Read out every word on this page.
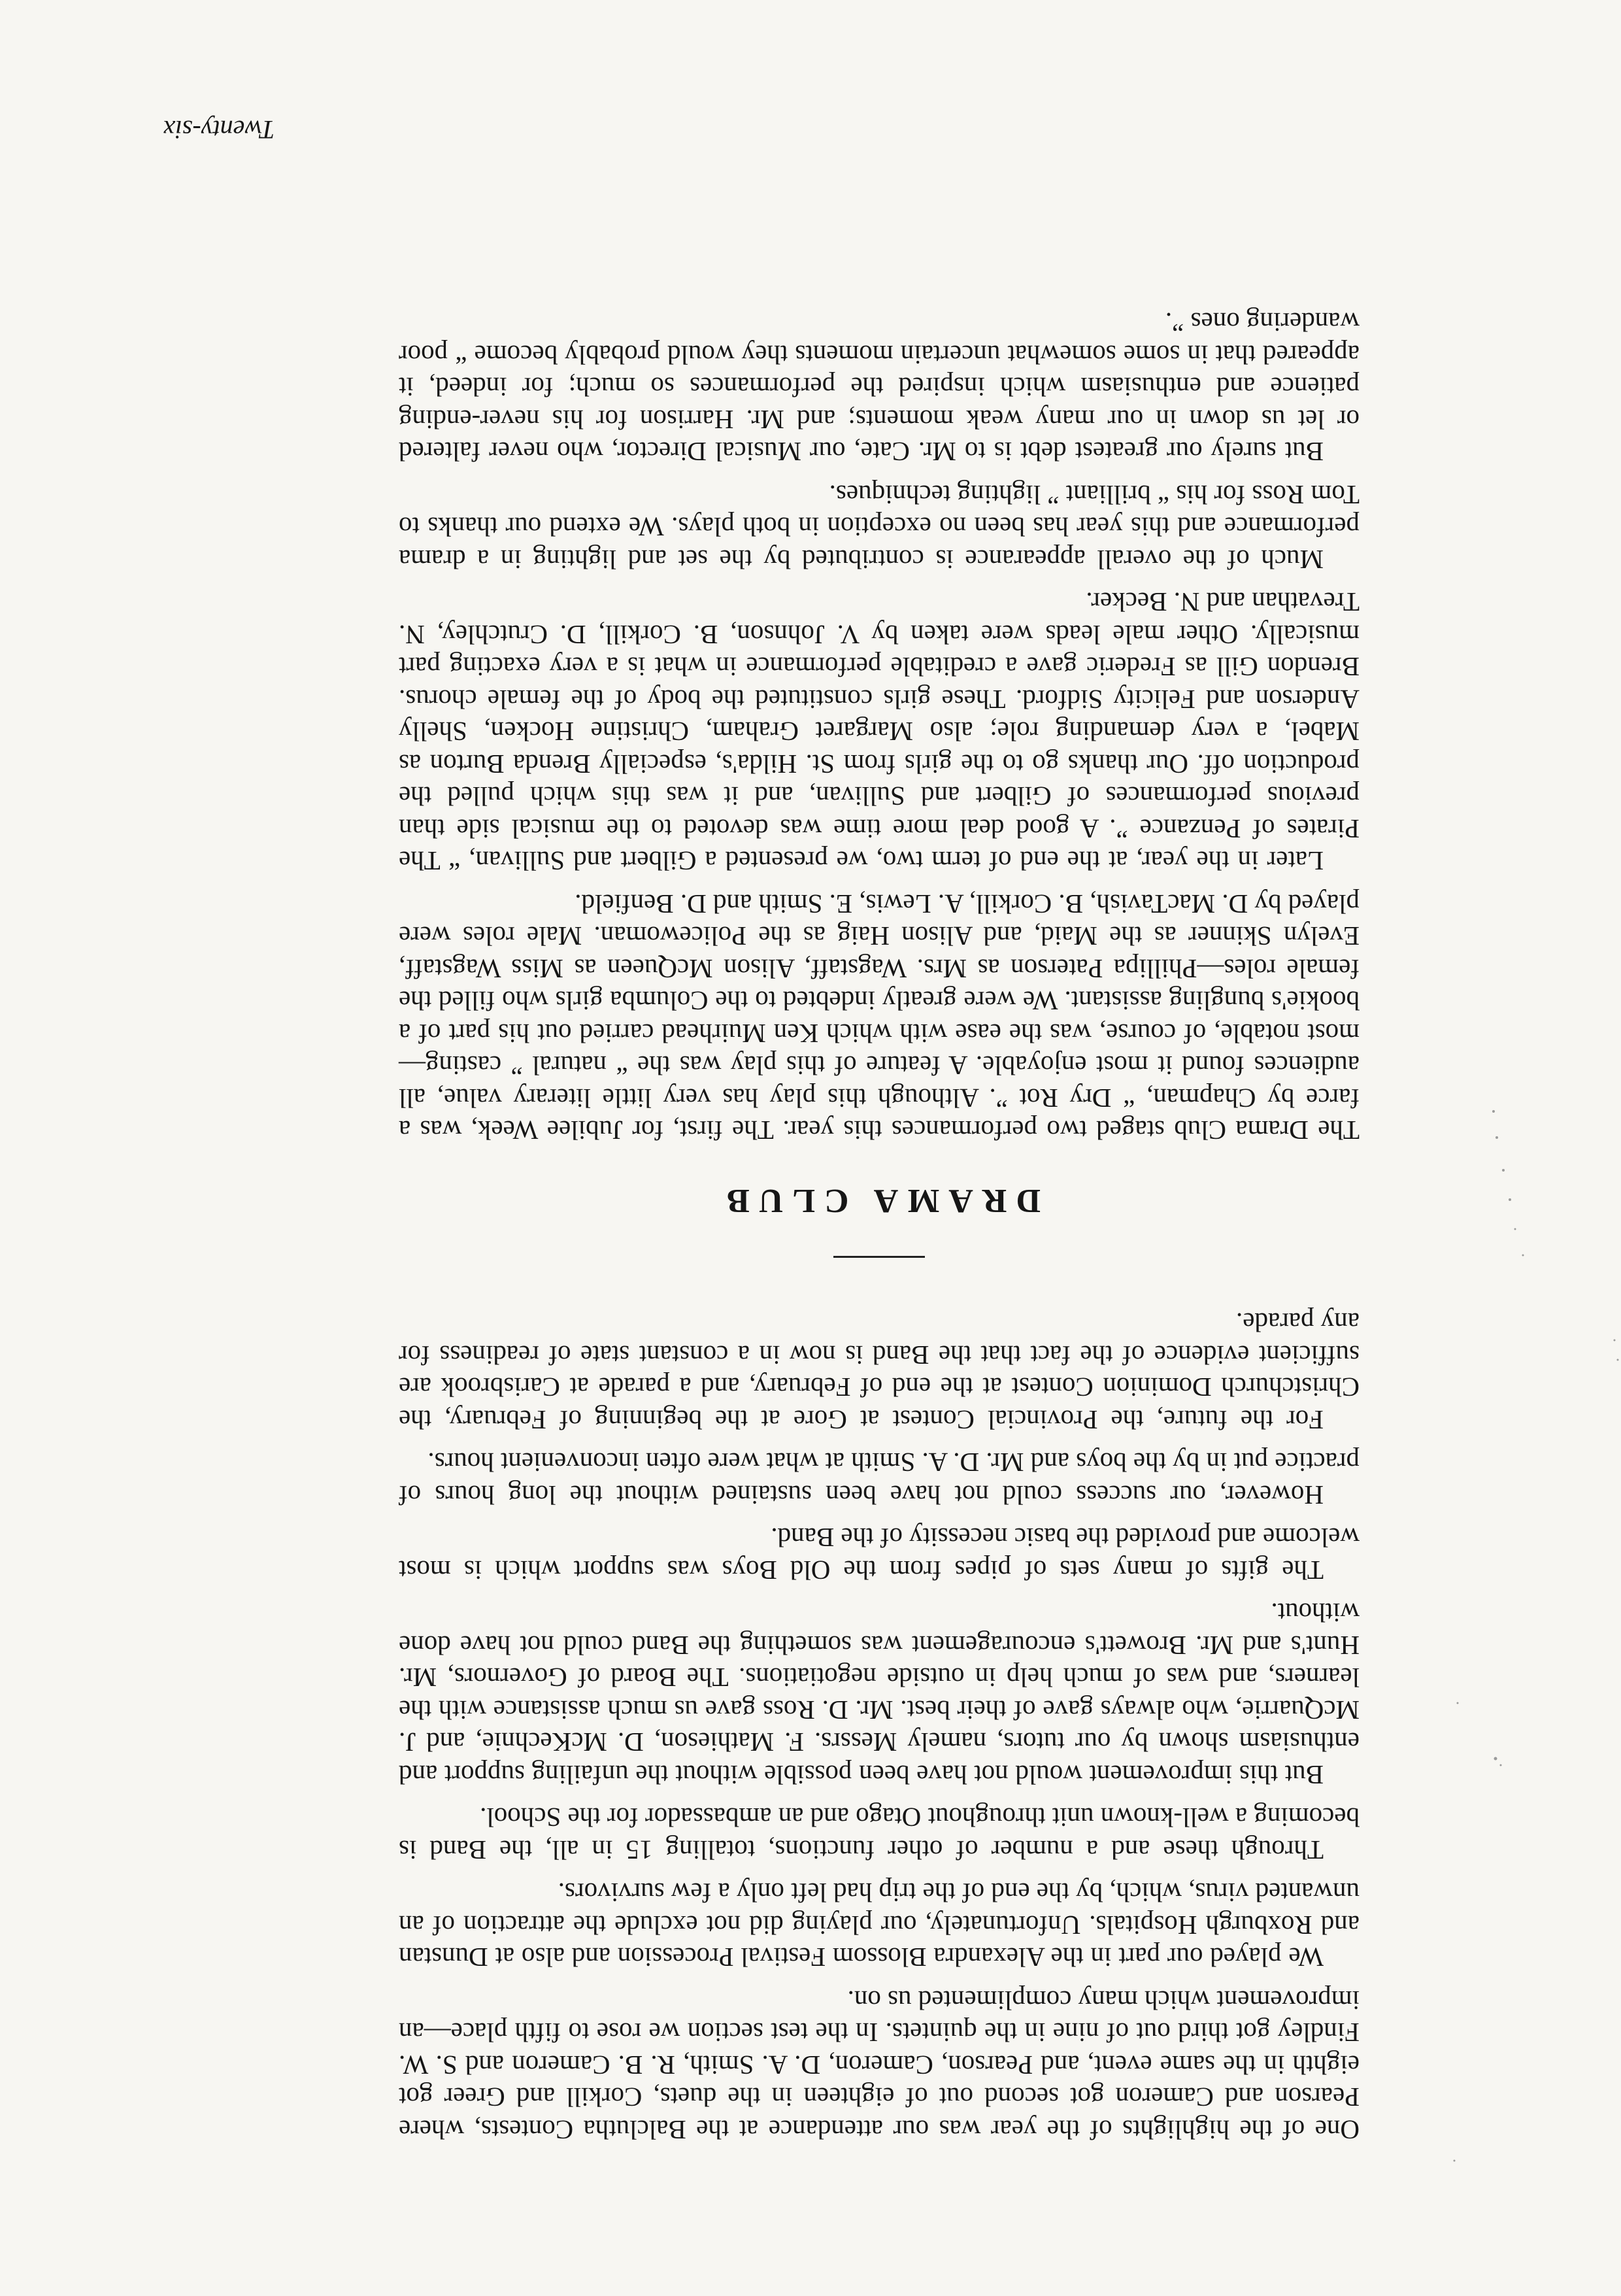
One of the highlights of the year was our attendance at the Balclutha Contests, where Pearson and Cameron got second out of eighteen in the duets, Corkill and Greer got eighth in the same event, and Pearson, Cameron, D. A. Smith, R. B. Cameron and S. W. Findley got third out of nine in the quintets. In the test section we rose to fifth place—an improvement which many complimented us on.

We played our part in the Alexandra Blossom Festival Procession and also at Dunstan and Roxburgh Hospitals. Unfortunately, our playing did not exclude the attraction of an unwanted virus, which, by the end of the trip had left only a few survivors.

Through these and a number of other functions, totalling 15 in all, the Band is becoming a well-known unit throughout Otago and an ambassador for the School.

But this improvement would not have been possible without the unfailing support and enthusiasm shown by our tutors, namely Messrs. F. Mathieson, D. McKechnie, and J. McQuarrie, who always gave of their best. Mr. D. Ross gave us much assistance with the learners, and was of much help in outside negotiations. The Board of Governors, Mr. Hunt's and Mr. Browett's encouragement was something the Band could not have done without.

The gifts of many sets of pipes from the Old Boys was support which is most welcome and provided the basic necessity of the Band.

However, our success could not have been sustained without the long hours of practice put in by the boys and Mr. D. A. Smith at what were often inconvenient hours.

For the future, the Provincial Contest at Gore at the beginning of February, the Christchurch Dominion Contest at the end of February, and a parade at Carisbrook are sufficient evidence of the fact that the Band is now in a constant state of readiness for any parade.

DRAMA CLUB

The Drama Club staged two performances this year. The first, for Jubilee Week, was a farce by Chapman, “ Dry Rot ”. Although this play has very little literary value, all audiences found it most enjoyable. A feature of this play was the “ natural ” casting—most notable, of course, was the ease with which Ken Muirhead carried out his part of a bookie's bungling assistant. We were greatly indebted to the Columba girls who filled the female roles—Phillipa Paterson as Mrs. Wagstaff, Alison McQueen as Miss Wagstaff, Evelyn Skinner as the Maid, and Alison Haig as the Policewoman. Male roles were played by D. MacTavish, B. Corkill, A. Lewis, E. Smith and D. Benfield.

Later in the year, at the end of term two, we presented a Gilbert and Sullivan, “ The Pirates of Penzance ”. A good deal more time was devoted to the musical side than previous performances of Gilbert and Sullivan, and it was this which pulled the production off. Our thanks go to the girls from St. Hilda's, especially Brenda Burton as Mabel, a very demanding role; also Margaret Graham, Christine Hocken, Shelly Anderson and Felicity Sidford. These girls constituted the body of the female chorus. Brendon Gill as Frederic gave a creditable performance in what is a very exacting part musically. Other male leads were taken by V. Johnson, B. Corkill, D. Crutchley, N. Trevathan and N. Becker.

Much of the overall appearance is contributed by the set and lighting in a drama performance and this year has been no exception in both plays. We extend our thanks to Tom Ross for his “ brilliant ” lighting techniques.

But surely our greatest debt is to Mr. Cate, our Musical Director, who never faltered or let us down in our many weak moments; and Mr. Harrison for his never-ending patience and enthusiasm which inspired the performances so much; for indeed, it appeared that in some somewhat uncertain moments they would probably become “ poor wandering ones ”.

Twenty-six
